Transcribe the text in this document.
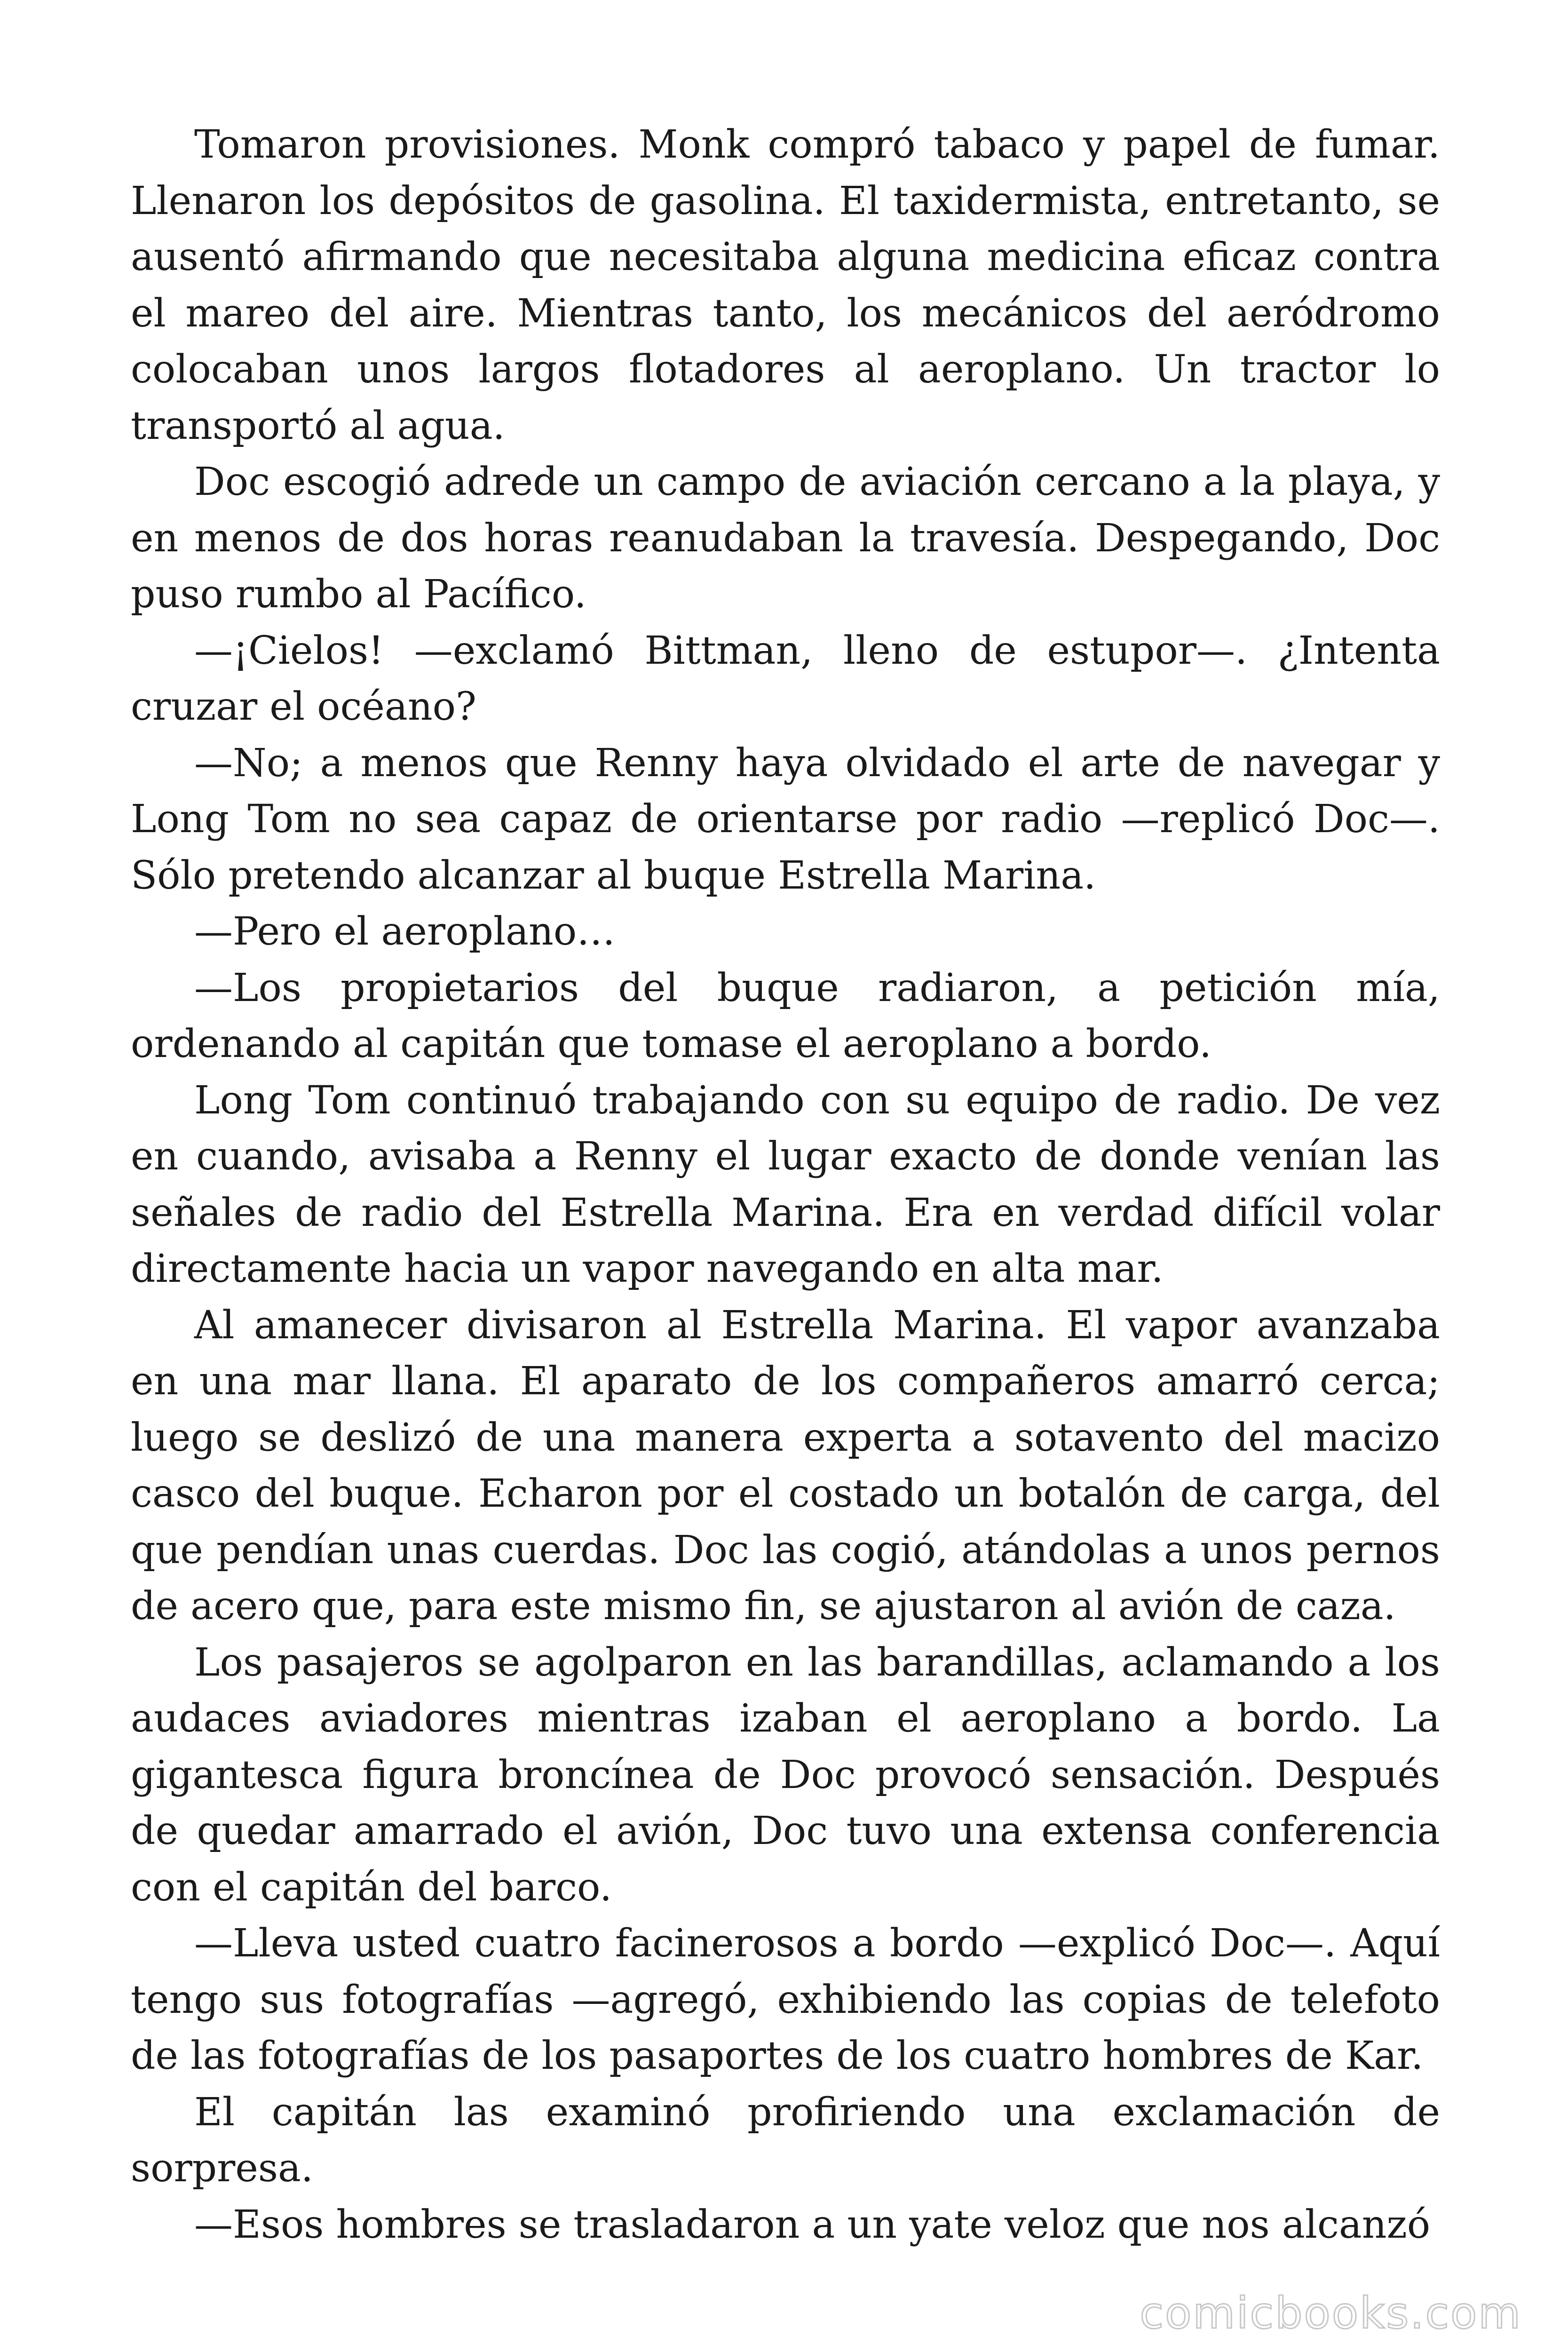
Tomaron provisiones. Monk compró tabaco y papel de fumar. Llenaron los depósitos de gasolina. El taxidermista, entretanto, se ausentó afirmando que necesitaba alguna medicina eficaz contra el mareo del aire. Mientras tanto, los mecánicos del aeródromo colocaban unos largos flotadores al aeroplano. Un tractor lo transportó al agua.

Doc escogió adrede un campo de aviación cercano a la playa, y en menos de dos horas reanudaban la travesía. Despegando, Doc puso rumbo al Pacífico.

—¡Cielos! —exclamó Bittman, lleno de estupor—. ¿Intenta cruzar el océano?

—No; a menos que Renny haya olvidado el arte de navegar y Long Tom no sea capaz de orientarse por radio —replicó Doc—. Sólo pretendo alcanzar al buque Estrella Marina.

—Pero el aeroplano…

—Los propietarios del buque radiaron, a petición mía, ordenando al capitán que tomase el aeroplano a bordo.

Long Tom continuó trabajando con su equipo de radio. De vez en cuando, avisaba a Renny el lugar exacto de donde venían las señales de radio del Estrella Marina. Era en verdad difícil volar directamente hacia un vapor navegando en alta mar.

Al amanecer divisaron al Estrella Marina. El vapor avanzaba en una mar llana. El aparato de los compañeros amarró cerca; luego se deslizó de una manera experta a sotavento del macizo casco del buque. Echaron por el costado un botalón de carga, del que pendían unas cuerdas. Doc las cogió, atándolas a unos pernos de acero que, para este mismo fin, se ajustaron al avión de caza.

Los pasajeros se agolparon en las barandillas, aclamando a los audaces aviadores mientras izaban el aeroplano a bordo. La gigantesca figura broncínea de Doc provocó sensación. Después de quedar amarrado el avión, Doc tuvo una extensa conferencia con el capitán del barco.

—Lleva usted cuatro facinerosos a bordo —explicó Doc—. Aquí tengo sus fotografías —agregó, exhibiendo las copias de telefoto de las fotografías de los pasaportes de los cuatro hombres de Kar.

El capitán las examinó profiriendo una exclamación de sorpresa.

—Esos hombres se trasladaron a un yate veloz que nos alcanzó

comicbooks.com
